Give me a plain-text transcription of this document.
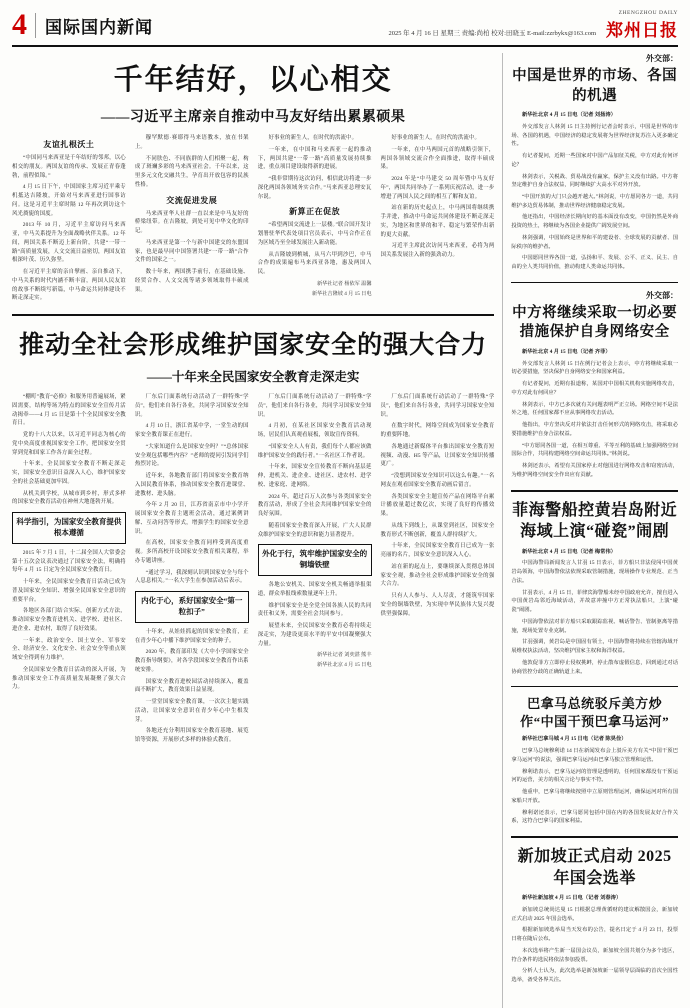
4	国际国内新闻	2025 年 4 月 16 日 星期三 责编:尚柏 校对:田晓玉 E-mail:zzrbykx@163.com
ZHENGZHOU DAILY
郑州日报
千年结好，以心相交
——习近平主席亲自推动中马友好结出累累硕果
友谊扎根沃土

“中国同马来西亚是千年结好的邻邦，以心相交的朋友。两国友谊的传承、发展正青春蓬勃，前程似锦。”

4 月 15 日下午，中国国家主席习近平乘专机抵达吉隆坡，开始对马来西亚进行国事访问。这是习近平主席时隔 12 年再次到访这个风光旖旎的国度。

2013 年 10 月，习近平主席访问马来西亚，中马关系提升为全面战略伙伴关系。12 年间，两国关系不断迈上新台阶，共建“一带一路”高质量发展，人文交流日益密切，两国友谊根深叶茂、历久弥坚。

在习近平主席的亲自擘画、亲自推动下，中马关系的时代内涵不断丰富，两国人民友谊的故事不断续写新篇，中马命运共同体建设不断走深走实。

穆罕默德·赛耶得马来语教本，放在书架上。

不同肤色、不同族群的人们相聚一起，构成了斑斓多彩的马来西亚社会。千年以来，这里多元文化交融共生，孕育出开放包容的民族性格。

交流促进发展

马来西亚华人社群一直以来是中马友好的桥梁纽带。在吉隆坡，到处可见中华文化的印记。

马来西亚是第一个与新中国建交的东盟国家，也是最早同中国签署共建“一带一路”合作文件的国家之一。

数十年来，两国携手前行，在基础设施、经贸合作、人文交流等诸多领域取得丰硕成果。

好事业的新生人，在时代的洪流中。

一年来，在中国和马来西亚一起的推动下，两国共建“一带一路”高质量发展持续推进，重点项目建设取得新的进展。

“我非常期待这次访问，相信此访将进一步深化两国各领域务实合作。”马来西亚总理安瓦尔说。

新算正在促放

“希望两国交流进上一层楼。”联合国开发计划署驻华代表处项目官员表示，中马合作正在为区域乃至全球发展注入新动能。

从吉隆坡到槟城，从马六甲到沙巴，中马合作的成果遍布马来西亚各地，惠及两国人民。

新华社记者 杨依军 温馨
新华社吉隆坡 4 月 15 日电

好事业的新生人，在时代的洪流中。

一年来，在中马两国元首的战略引领下，两国各领域交流合作全面推进，取得丰硕成果。

2024 年是“中马建交 50 周年暨中马友好年”，两国共同举办了一系列庆祝活动，进一步增进了两国人民之间的相互了解和友谊。

站在新的历史起点上，中马两国将继续携手并进，推动中马命运共同体建设不断走深走实，为地区和世界的和平、稳定与繁荣作出新的更大贡献。

习近平主席此次访问马来西亚，必将为两国关系发展注入新的强劲动力。

推动全社会形成维护国家安全的强大合力
——十年来全民国家安全教育走深走实

“棚町”教育“必修》和服务用普遍展场，紧固需要，结构等场为特点的国家安全宣传月活动揭牵——4 月 15 日是第十个全民国家安全教育日。

党的十八大以来，以习近平同志为核心的党中央高度重视国家安全工作，把国家安全贯穿到党和国家工作各方面全过程。

十年来，全民国家安全教育不断走深走实，国家安全意识日益深入人心，维护国家安全的社会基础更加牢固。

从机关到学校，从城市到乡村，形式多样的国家安全教育活动在神州大地蓬勃开展。

科学指引，为国家安全教育提供根本遵循

2015 年 7 月 1 日，十二届全国人大常委会第十五次会议表决通过了国家安全法，明确将每年 4 月 15 日定为全民国家安全教育日。

十年来，全民国家安全教育日活动已成为普及国家安全知识、增强全民国家安全意识的重要平台。

各地区各部门结合实际，创新方式方法，推动国家安全教育进机关、进学校、进社区、进企业、进农村，取得了良好效果。

一年来，政治安全、国土安全、军事安全、经济安全、文化安全、社会安全等重点领域安全得到有力维护。

全民国家安全教育日活动的深入开展，为推动国家安全工作高质量发展凝聚了强大合力。

厂东后门面系统行动活动了一群特殊“学员”，他们来自各行各业，共同学习国家安全知识。

4 月 10 日，浙江省某中学，一堂生动的国家安全教育课正在进行。

“大家知道什么是国家安全吗？”“总体国家安全观包括哪些内容？”老师的提问引发同学们热烈讨论。

近年来，各地教育部门将国家安全教育纳入国民教育体系，推动国家安全教育进课堂、进教材、进头脑。

今年 2 月 20 日，江苏省南京市中小学开展国家安全教育主题班会活动，通过案例讲解、互动问答等形式，增强学生的国家安全意识。

在高校，国家安全教育同样受到高度重视。多所高校开设国家安全教育相关课程，举办专题讲座。

“通过学习，我深刻认识到国家安全与每个人息息相关。”一名大学生在参加活动后表示。

内化于心，系好国家安全“第一粒扣子”

十年来，从娃娃抓起的国家安全教育，正在青少年心中播下维护国家安全的种子。

2020 年，教育部印发《大中小学国家安全教育指导纲要》，对各学段国家安全教育作出系统安排。

国家安全教育进校园活动持续深入，覆盖面不断扩大，教育效果日益显现。

一堂堂国家安全教育课，一次次主题实践活动，让国家安全意识在青少年心中生根发芽。

各地还充分利用国家安全教育基地、展览馆等资源，开展形式多样的体验式教育。

厂东后门面系统行动活动了一群特殊“学员”，他们来自各行各业，共同学习国家安全知识。

4 月初，在某社区国家安全教育活动现场，居民们认真观看展板，领取宣传资料。

“国家安全人人有责，我们每个人都应该做维护国家安全的践行者。”一名社区工作者说。

十年来，国家安全宣传教育不断向基层延伸，进机关、进企业、进社区、进农村、进学校、进家庭、进网络。

2024 年，超过百万人次参与各类国家安全教育活动，形成了全社会共同维护国家安全的良好氛围。

随着国家安全教育深入开展，广大人民群众维护国家安全的意识和能力显著提升。

外化于行，筑牢维护国家安全的铜墙铁壁

各地公安机关、国家安全机关畅通举报渠道，群众举报线索数量逐年上升。

维护国家安全是全党全国各族人民的共同责任和义务，需要全社会共同参与。

展望未来，全民国家安全教育必将持续走深走实，为建设更高水平的平安中国凝聚强大力量。

新华社记者 刘奕湛 熊丰
新华社北京 4 月 15 日电

厂东后门面系统行动活动了一群特殊“学员”，他们来自各行各业，共同学习国家安全知识。

在数字时代，网络空间成为国家安全教育的重要阵地。

各地通过新媒体平台推出国家安全教育短视频、动漫、H5 等产品，让国家安全知识传播更广。

“没想到国家安全知识可以这么有趣。”一名网友在观看国家安全教育动画后留言。

各类国家安全主题宣传产品在网络平台累计播放量超过数亿次，实现了良好的传播效果。

从线下到线上，从课堂到社区，国家安全教育形式不断创新，覆盖人群持续扩大。

十年来，全民国家安全教育日已成为一张亮丽的名片，国家安全意识深入人心。

站在新的起点上，要继续深入贯彻总体国家安全观，推动全社会形成维护国家安全的强大合力。

只有人人参与、人人尽责，才能筑牢国家安全的铜墙铁壁，为实现中华民族伟大复兴提供坚强保障。

外交部：
中国是世界的市场、各国的机遇

新华社北京 4 月 15 日电（记者 刘扬涛）

外交部发言人林剑 15 日主持例行记者会时表示，中国是世界的市场、各国的机遇，中国经济的稳定发展将为世界经济复苏注入更多确定性。

有记者提问，近期一些国家对中国产品加征关税，中方对此有何评论？

林剑表示，关税战、贸易战没有赢家，保护主义没有出路。中方将坚定维护自身合法权益，同时继续扩大高水平对外开放。

“中国开放的大门只会越开越大。”林剑说，中方愿同各方一道，共同维护多边贸易体制，推动世界经济健康稳定发展。

他还指出，中国经济长期向好的基本面没有改变，中国仍然是外商投资的热土，将继续为各国企业提供广阔发展空间。

林剑强调，中国始终是世界和平的建设者、全球发展的贡献者、国际秩序的维护者。

中国愿同世界各国一道，弘扬和平、发展、公平、正义、民主、自由的全人类共同价值，推动构建人类命运共同体。

外交部：
中方将继续采取一切必要措施保护自身网络安全

新华社北京 4 月 15 日电（记者 齐菲）

外交部发言人林剑 15 日在例行记者会上表示，中方将继续采取一切必要措施，坚决保护自身网络安全和国家利益。

有记者提问，近期有报道称，某国对中国相关机构实施网络攻击，中方对此有何回应？

林剑表示，中方已多次就有关问题表明严正立场。网络空间不是法外之地，任何国家都不应从事网络攻击活动。

他指出，中方坚决反对并依法打击任何形式的网络攻击，将采取必要措施维护自身合法权益。

“中方愿同各国一道，在相互尊重、平等互利的基础上加强网络空间国际合作，共同构建网络空间命运共同体。”林剑说。

林剑还表示，希望有关国家停止对他国进行网络攻击和窃密活动，为维护网络空间安全作出应有贡献。

菲海警船控黄岩岛附近海域上演“碰瓷”闹剧

新华社北京 4 月 15 日电（记者 梅常伟）

中国海警局新闻发言人甘羽 15 日表示，菲方船只非法侵闯中国黄岩岛领海，中国海警依法依规采取管制措施，现场操作专业规范、正当合法。

甘羽表示，4 月 15 日，菲律宾海警船未经中国政府允许，擅自进入中国黄岩岛邻近海域活动，并故意冲撞中方正常执法船只，上演“碰瓷”闹剧。

中国海警依法对菲方船只采取跟踪监视、喊话警告、管制驱离等措施，现场处置专业克制。

甘羽强调，黄岩岛是中国固有领土，中国海警将持续在管辖海域开展维权执法活动，坚决维护国家主权和海洋权益。

他敦促菲方立即停止侵权挑衅，停止散布虚假信息，回到通过对话协商管控分歧的正确轨道上来。

巴拿马总统驳斥美方炒作“中国干预巴拿马运河”

新华社巴拿马城 4 月 15 日电（记者 陈昊佺）

巴拿马总统穆利诺 14 日在新闻发布会上驳斥美方有关“中国干预巴拿马运河”的说法，强调巴拿马运河由巴拿马独立管理和运营。

穆利诺表示，巴拿马运河的管理是透明的，任何国家都没有干预运河的运营，美方的相关言论与事实不符。

他重申，巴拿马将继续按照中立原则管理运河，确保运河对所有国家船只开放。

穆利诺还表示，巴拿马愿同包括中国在内的各国发展友好合作关系，这符合巴拿马的国家利益。

新加坡正式启动 2025 年国会选举

新华社新加坡 4 月 15 日电（记者 刘春涛）

新加坡总统尚达曼 15 日根据总理黄循财的建议解散国会，新加坡正式启动 2025 年国会选举。

根据新加坡选举局当天发布的公告，提名日定于 4 月 23 日，投票日将在随后公布。

本次选举将产生新一届国会议员，新加坡全国共划分为多个选区，符合条件的选民将依法参加投票。

分析人士认为，此次选举是新加坡新一届领导层面临的首次全国性选举，备受各界关注。
